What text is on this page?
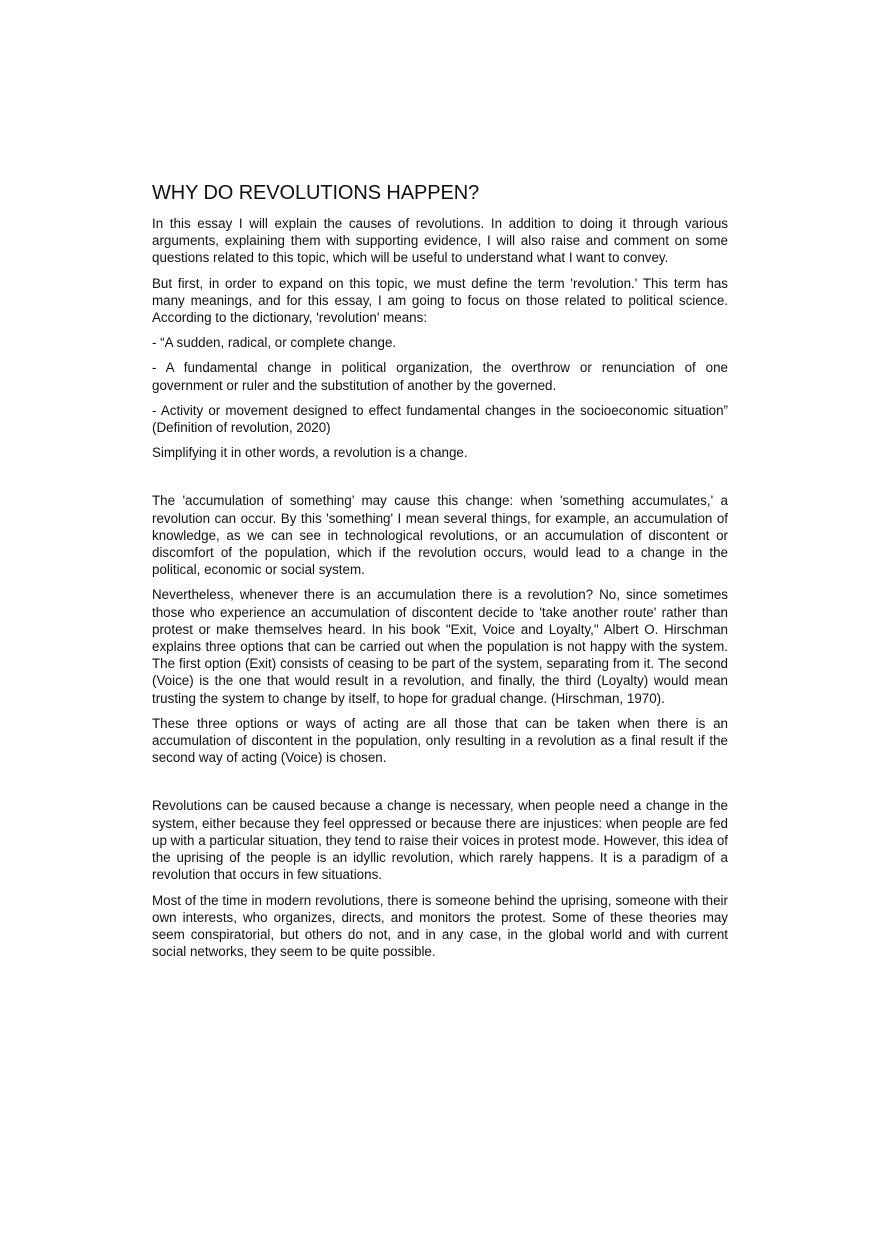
WHY DO REVOLUTIONS HAPPEN?

In this essay I will explain the causes of revolutions. In addition to doing it through various arguments, explaining them with supporting evidence, I will also raise and comment on some questions related to this topic, which will be useful to understand what I want to convey.

But first, in order to expand on this topic, we must define the term 'revolution.' This term has many meanings, and for this essay, I am going to focus on those related to political science. According to the dictionary, 'revolution' means:

- “A sudden, radical, or complete change.

- A fundamental change in political organization, the overthrow or renunciation of one government or ruler and the substitution of another by the governed.

- Activity or movement designed to effect fundamental changes in the socioeconomic situation” (Definition of revolution, 2020)

Simplifying it in other words, a revolution is a change.

The 'accumulation of something’ may cause this change: when 'something accumulates,' a revolution can occur. By this 'something' I mean several things, for example, an accumulation of knowledge, as we can see in technological revolutions, or an accumulation of discontent or discomfort of the population, which if the revolution occurs, would lead to a change in the political, economic or social system.

Nevertheless, whenever there is an accumulation there is a revolution? No, since sometimes those who experience an accumulation of discontent decide to 'take another route' rather than protest or make themselves heard. In his book "Exit, Voice and Loyalty," Albert O. Hirschman explains three options that can be carried out when the population is not happy with the system. The first option (Exit) consists of ceasing to be part of the system, separating from it. The second (Voice) is the one that would result in a revolution, and finally, the third (Loyalty) would mean trusting the system to change by itself, to hope for gradual change. (Hirschman, 1970).

These three options or ways of acting are all those that can be taken when there is an accumulation of discontent in the population, only resulting in a revolution as a final result if the second way of acting (Voice) is chosen.

Revolutions can be caused because a change is necessary, when people need a change in the system, either because they feel oppressed or because there are injustices: when people are fed up with a particular situation, they tend to raise their voices in protest mode. However, this idea of the uprising of the people is an idyllic revolution, which rarely happens. It is a paradigm of a revolution that occurs in few situations.

Most of the time in modern revolutions, there is someone behind the uprising, someone with their own interests, who organizes, directs, and monitors the protest. Some of these theories may seem conspiratorial, but others do not, and in any case, in the global world and with current social networks, they seem to be quite possible.
